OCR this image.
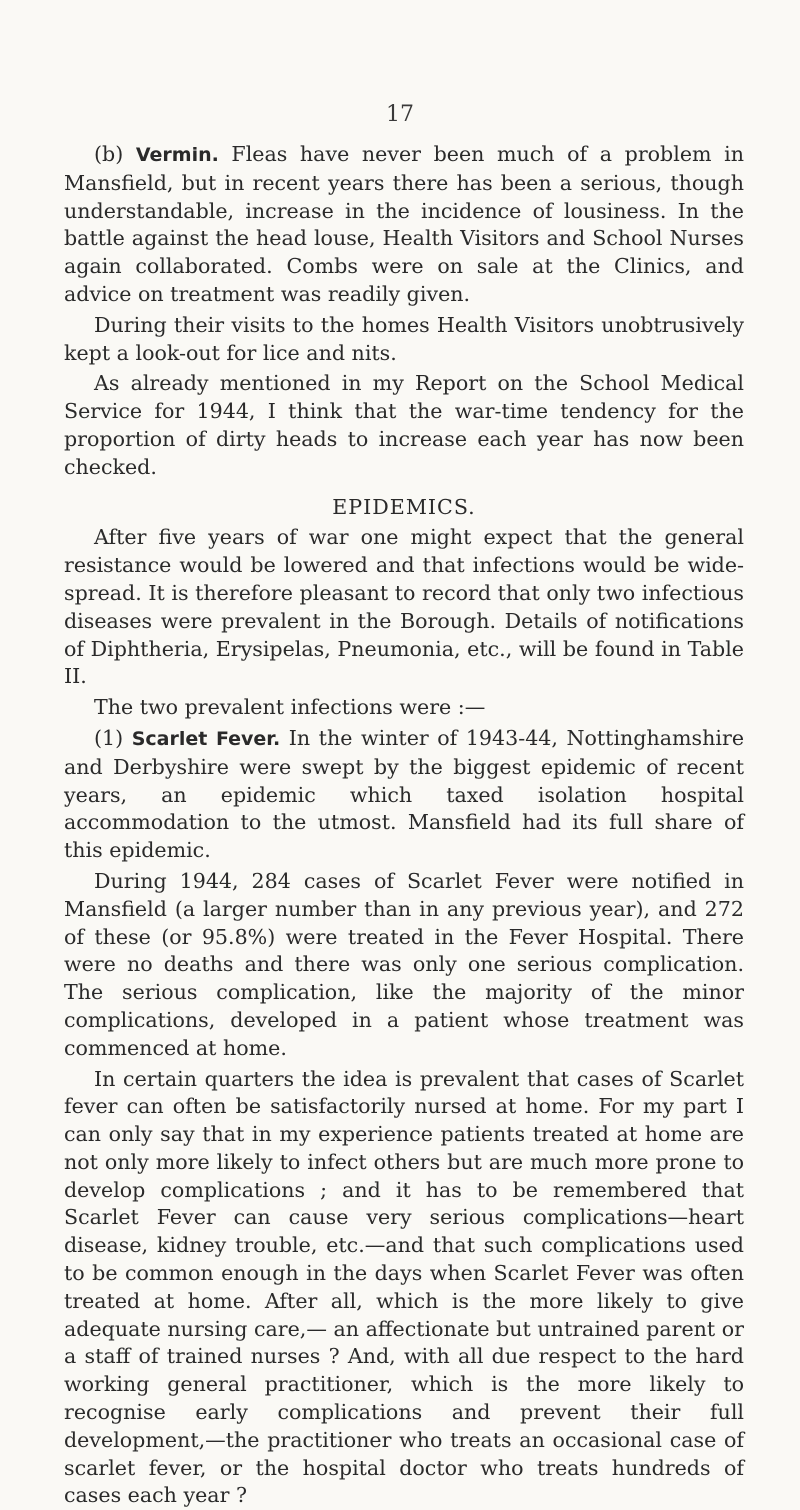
17

(b) Vermin. Fleas have never been much of a problem in Mansfield, but in recent years there has been a serious, though understandable, increase in the incidence of lousiness. In the battle against the head louse, Health Visitors and School Nurses again collaborated. Combs were on sale at the Clinics, and advice on treatment was readily given.

During their visits to the homes Health Visitors unobtrusively kept a look-out for lice and nits.

As already mentioned in my Report on the School Medical Service for 1944, I think that the war-time tendency for the proportion of dirty heads to increase each year has now been checked.

EPIDEMICS.

After five years of war one might expect that the general resistance would be lowered and that infections would be wide-spread. It is therefore pleasant to record that only two infectious diseases were prevalent in the Borough. Details of notifications of Diphtheria, Erysipelas, Pneumonia, etc., will be found in Table II.

The two prevalent infections were :—

(1) Scarlet Fever. In the winter of 1943-44, Nottinghamshire and Derbyshire were swept by the biggest epidemic of recent years, an epidemic which taxed isolation hospital accommodation to the utmost. Mansfield had its full share of this epidemic.

During 1944, 284 cases of Scarlet Fever were notified in Mansfield (a larger number than in any previous year), and 272 of these (or 95.8%) were treated in the Fever Hospital. There were no deaths and there was only one serious complication. The serious complication, like the majority of the minor complications, developed in a patient whose treatment was commenced at home.

In certain quarters the idea is prevalent that cases of Scarlet fever can often be satisfactorily nursed at home. For my part I can only say that in my experience patients treated at home are not only more likely to infect others but are much more prone to develop complications ; and it has to be remembered that Scarlet Fever can cause very serious complications—heart disease, kidney trouble, etc.—and that such complications used to be common enough in the days when Scarlet Fever was often treated at home. After all, which is the more likely to give adequate nursing care,— an affectionate but untrained parent or a staff of trained nurses ? And, with all due respect to the hard working general practitioner, which is the more likely to recognise early complications and prevent their full development,—the practitioner who treats an occasional case of scarlet fever, or the hospital doctor who treats hundreds of cases each year ?
